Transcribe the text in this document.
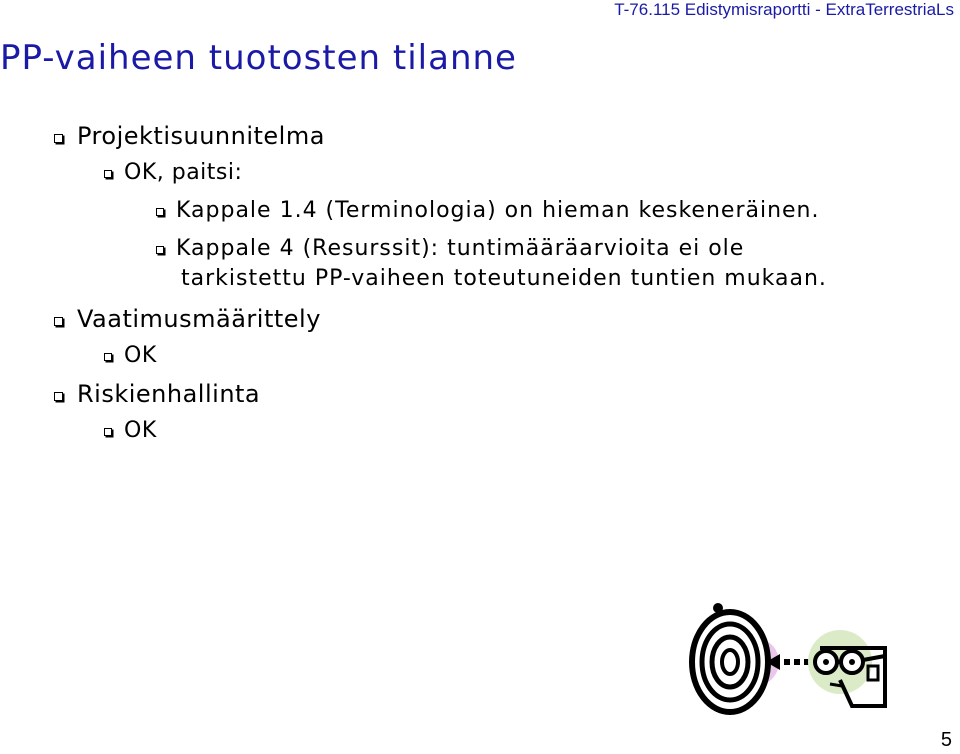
T-76.115 Edistymisraportti - ExtraTerrestriaLs
PP-vaiheen tuotosten tilanne
Projektisuunnitelma
OK, paitsi:
Kappale 1.4 (Terminologia) on hieman keskeneräinen.
Kappale 4 (Resurssit): tuntimääräarvioita ei ole
tarkistettu PP-vaiheen toteutuneiden tuntien mukaan.
Vaatimusmäärittely
OK
Riskienhallinta
OK
5
